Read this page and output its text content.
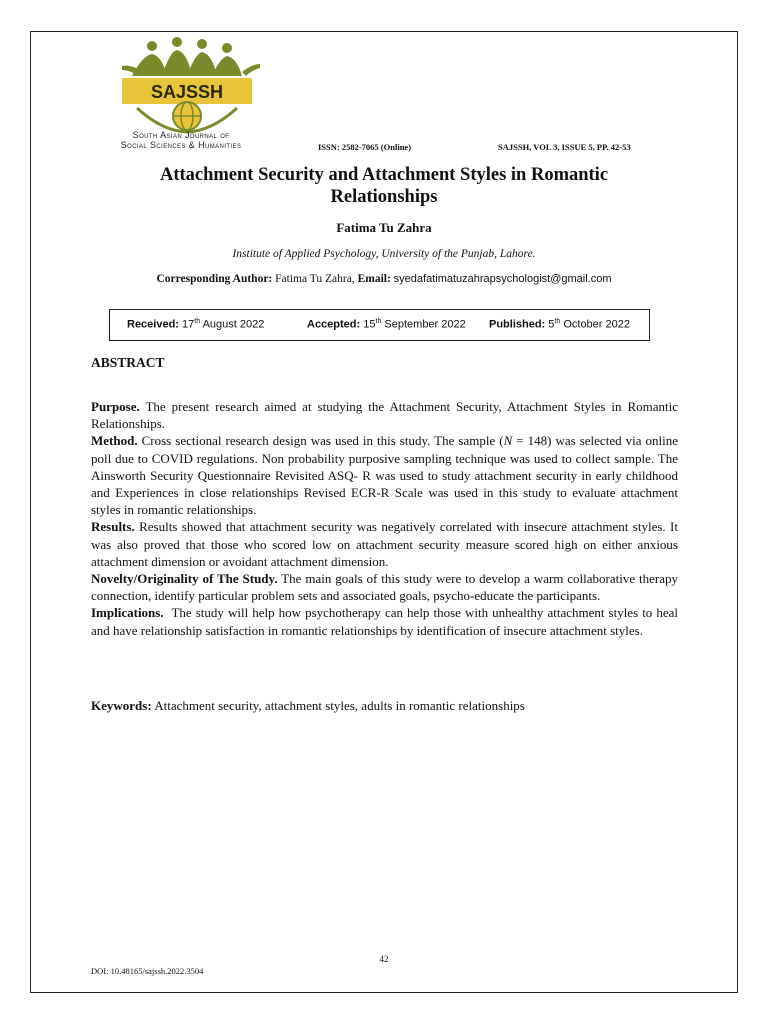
SAJSSH
South Asian Journal of
Social Sciences & Humanities	ISSN: 2582-7065 (Online)	SAJSSH, VOL 3, ISSUE 5, PP. 42-53
Attachment Security and Attachment Styles in Romantic Relationships
Fatima Tu Zahra
Institute of Applied Psychology, University of the Punjab, Lahore.
Corresponding Author: Fatima Tu Zahra, Email: syedafatimatuzahrapsychologist@gmail.com
Received: 17th August 2022	Accepted: 15th September 2022 Published: 5th October 2022
ABSTRACT

Purpose. The present research aimed at studying the Attachment Security, Attachment Styles in Romantic Relationships.

Method. Cross sectional research design was used in this study. The sample (N = 148) was selected via online poll due to COVID regulations. Non probability purposive sampling technique was used to collect sample. The Ainsworth Security Questionnaire Revisited ASQ- R was used to study attachment security in early childhood and Experiences in close relationships Revised ECR-R Scale was used in this study to evaluate attachment styles in romantic relationships.

Results. Results showed that attachment security was negatively correlated with insecure attachment styles. It was also proved that those who scored low on attachment security measure scored high on either anxious attachment dimension or avoidant attachment dimension.

Novelty/Originality of The Study. The main goals of this study were to develop a warm collaborative therapy connection, identify particular problem sets and associated goals, psycho-educate the participants.

Implications. The study will help how psychotherapy can help those with unhealthy attachment styles to heal and have relationship satisfaction in romantic relationships by identification of insecure attachment styles.

Keywords: Attachment security, attachment styles, adults in romantic relationships
42
DOI: 10.48165/sajssh.2022.3504
